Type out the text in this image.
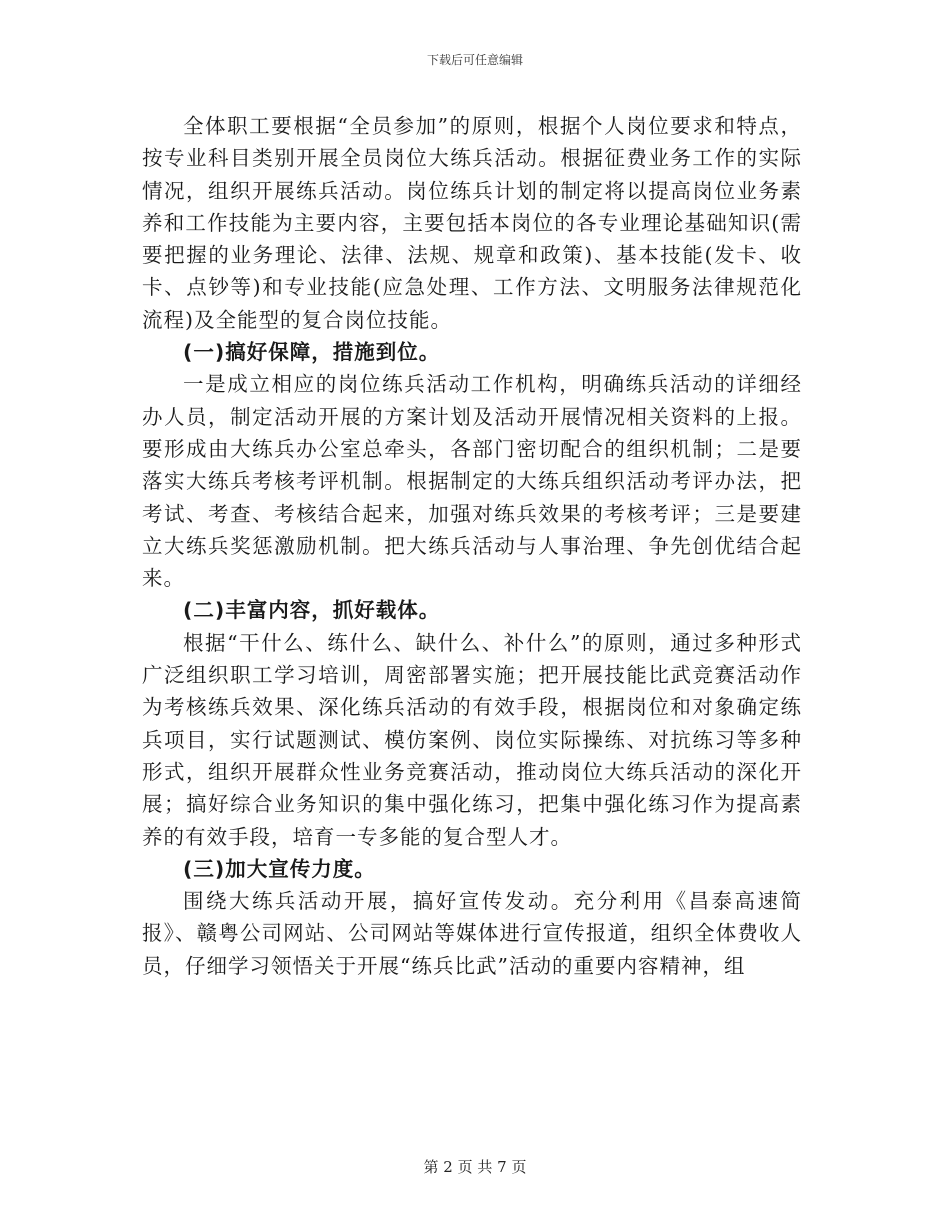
下载后可任意编辑

全体职工要根据“全员参加”的原则，根据个人岗位要求和特点，按专业科目类别开展全员岗位大练兵活动。根据征费业务工作的实际情况，组织开展练兵活动。岗位练兵计划的制定将以提高岗位业务素养和工作技能为主要内容，主要包括本岗位的各专业理论基础知识(需要把握的业务理论、法律、法规、规章和政策)、基本技能(发卡、收卡、点钞等)和专业技能(应急处理、工作方法、文明服务法律规范化流程)及全能型的复合岗位技能。

(一)搞好保障，措施到位。

一是成立相应的岗位练兵活动工作机构，明确练兵活动的详细经办人员，制定活动开展的方案计划及活动开展情况相关资料的上报。要形成由大练兵办公室总牵头，各部门密切配合的组织机制；二是要落实大练兵考核考评机制。根据制定的大练兵组织活动考评办法，把考试、考查、考核结合起来，加强对练兵效果的考核考评；三是要建立大练兵奖惩激励机制。把大练兵活动与人事治理、争先创优结合起来。

(二)丰富内容，抓好载体。

根据“干什么、练什么、缺什么、补什么”的原则，通过多种形式广泛组织职工学习培训，周密部署实施；把开展技能比武竞赛活动作为考核练兵效果、深化练兵活动的有效手段，根据岗位和对象确定练兵项目，实行试题测试、模仿案例、岗位实际操练、对抗练习等多种形式，组织开展群众性业务竞赛活动，推动岗位大练兵活动的深化开展；搞好综合业务知识的集中强化练习，把集中强化练习作为提高素养的有效手段，培育一专多能的复合型人才。

(三)加大宣传力度。

围绕大练兵活动开展，搞好宣传发动。充分利用《昌泰高速简报》、赣粤公司网站、公司网站等媒体进行宣传报道，组织全体费收人员，仔细学习领悟关于开展“练兵比武”活动的重要内容精神，组

第 2 页 共 7 页
